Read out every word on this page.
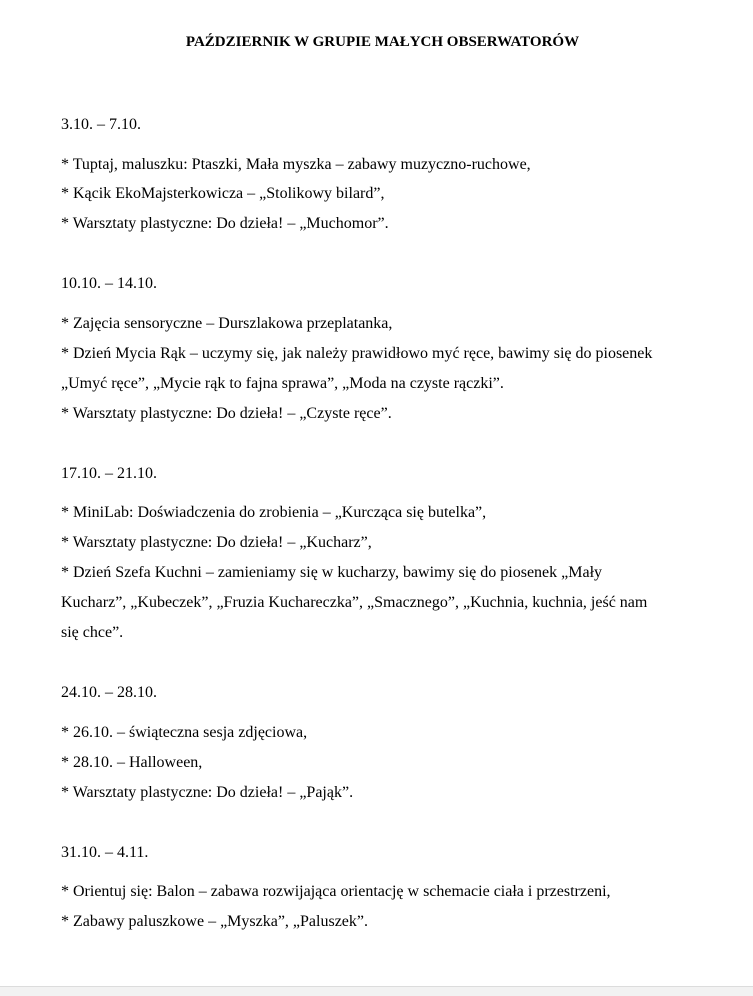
PAŹDZIERNIK W GRUPIE MAŁYCH OBSERWATORÓW

3.10. – 7.10.

* Tuptaj, maluszku: Ptaszki, Mała myszka – zabawy muzyczno-ruchowe,

* Kącik EkoMajsterkowicza – „Stolikowy bilard”,

* Warsztaty plastyczne: Do dzieła! – „Muchomor”.

10.10. – 14.10.

* Zajęcia sensoryczne – Durszlakowa przeplatanka,

* Dzień Mycia Rąk – uczymy się, jak należy prawidłowo myć ręce, bawimy się do piosenek

„Umyć ręce”, „Mycie rąk to fajna sprawa”, „Moda na czyste rączki”.

* Warsztaty plastyczne: Do dzieła! – „Czyste ręce”.

17.10. – 21.10.

* MiniLab: Doświadczenia do zrobienia – „Kurcząca się butelka”,

* Warsztaty plastyczne: Do dzieła! – „Kucharz”,

* Dzień Szefa Kuchni – zamieniamy się w kucharzy, bawimy się do piosenek „Mały

Kucharz”, „Kubeczek”, „Fruzia Kuchareczka”, „Smacznego”, „Kuchnia, kuchnia, jeść nam

się chce”.

24.10. – 28.10.

* 26.10. – świąteczna sesja zdjęciowa,

* 28.10. – Halloween,

* Warsztaty plastyczne: Do dzieła! – „Pająk”.

31.10. – 4.11.

* Orientuj się: Balon – zabawa rozwijająca orientację w schemacie ciała i przestrzeni,

* Zabawy paluszkowe – „Myszka”, „Paluszek”.
